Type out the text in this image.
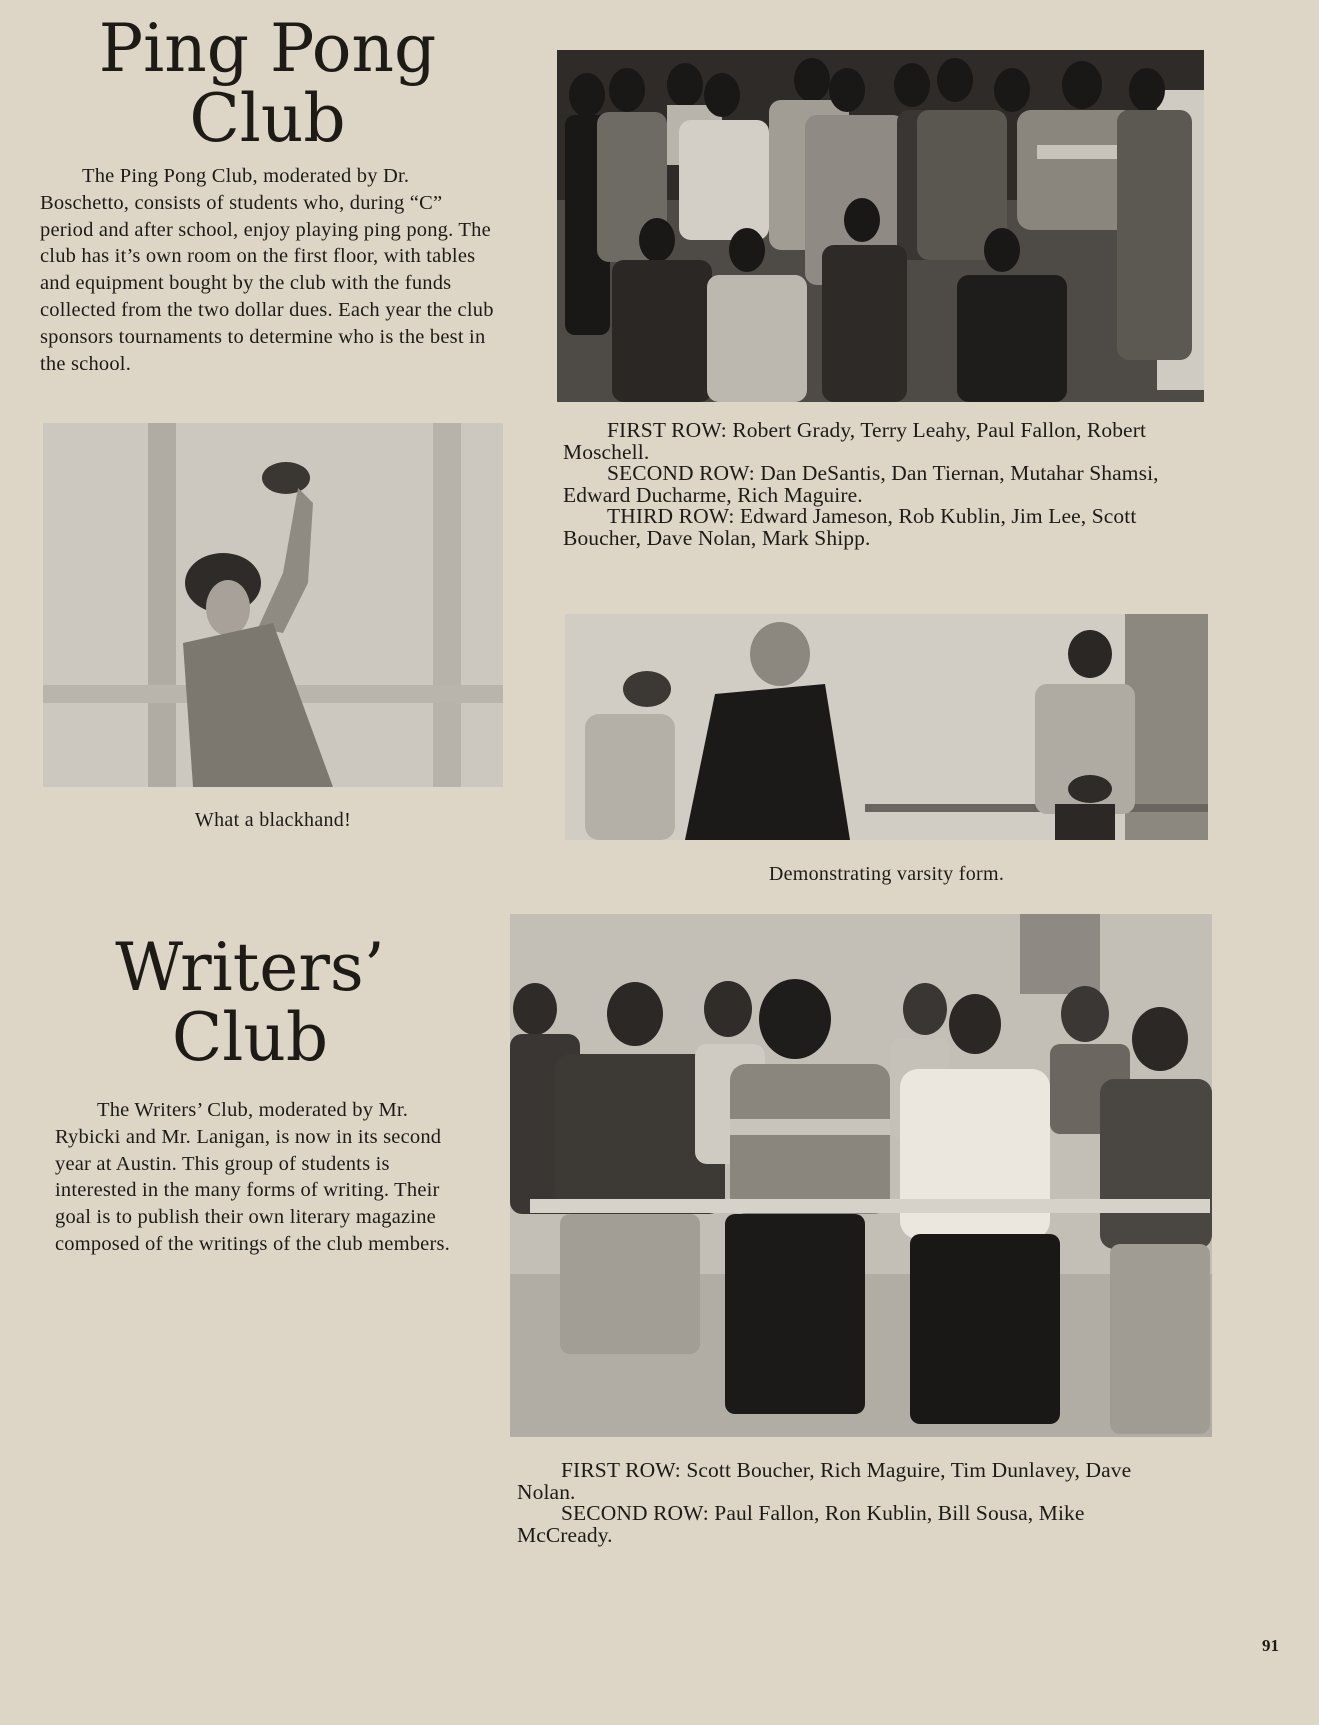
Ping Pong
Club

The Ping Pong Club, moderated by Dr. Boschetto, consists of students who, during “C” period and after school, enjoy playing ping pong. The club has it’s own room on the first floor, with tables and equipment bought by the club with the funds collected from the two dollar dues. Each year the club sponsors tournaments to determine who is the best in the school.

FIRST ROW: Robert Grady, Terry Leahy, Paul Fallon, Robert Moschell.

SECOND ROW: Dan DeSantis, Dan Tiernan, Mutahar Shamsi, Edward Ducharme, Rich Maguire.

THIRD ROW: Edward Jameson, Rob Kublin, Jim Lee, Scott Boucher, Dave Nolan, Mark Shipp.

What a blackhand!
Demonstrating varsity form.
Writers’
Club

The Writers’ Club, moderated by Mr. Rybicki and Mr. Lanigan, is now in its second year at Austin. This group of students is interested in the many forms of writing. Their goal is to publish their own literary magazine composed of the writings of the club members.

FIRST ROW: Scott Boucher, Rich Maguire, Tim Dunlavey, Dave Nolan.

SECOND ROW: Paul Fallon, Ron Kublin, Bill Sousa, Mike McCready.

91
